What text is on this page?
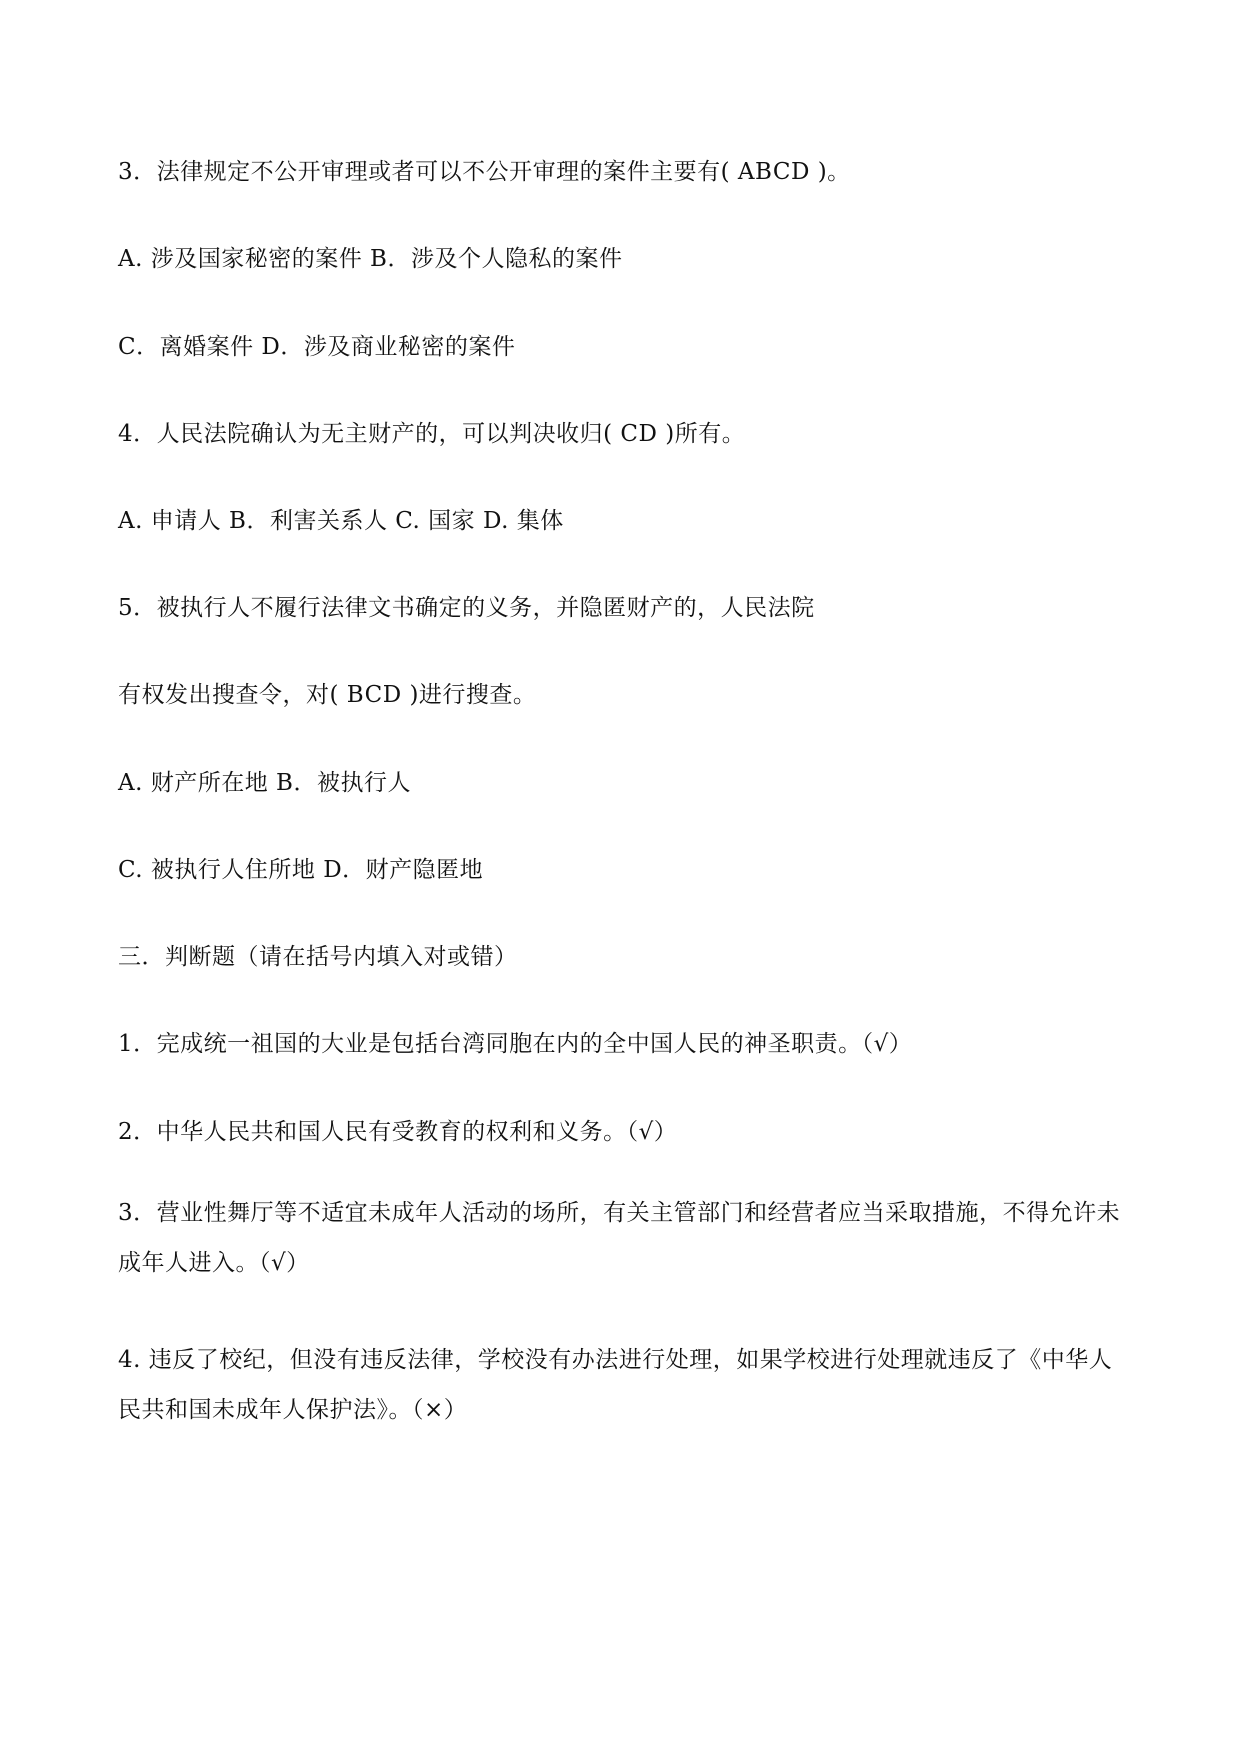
3．法律规定不公开审理或者可以不公开审理的案件主要有( ABCD )。
A. 涉及国家秘密的案件 B．涉及个人隐私的案件
C．离婚案件 D．涉及商业秘密的案件
4．人民法院确认为无主财产的，可以判决收归( CD )所有。
A. 申请人 B．利害关系人 C. 国家 D. 集体
5．被执行人不履行法律文书确定的义务，并隐匿财产的，人民法院
有权发出搜查令，对( BCD )进行搜查。
A. 财产所在地 B．被执行人
C. 被执行人住所地 D．财产隐匿地
三．判断题（请在括号内填入对或错）
1．完成统一祖国的大业是包括台湾同胞在内的全中国人民的神圣职责。（√）
2．中华人民共和国人民有受教育的权利和义务。（√）
3．营业性舞厅等不适宜未成年人活动的场所，有关主管部门和经营者应当采取措施，不得允许未成年人进入。（√）
4. 违反了校纪，但没有违反法律，学校没有办法进行处理，如果学校进行处理就违反了《中华人民共和国未成年人保护法》。（×）
